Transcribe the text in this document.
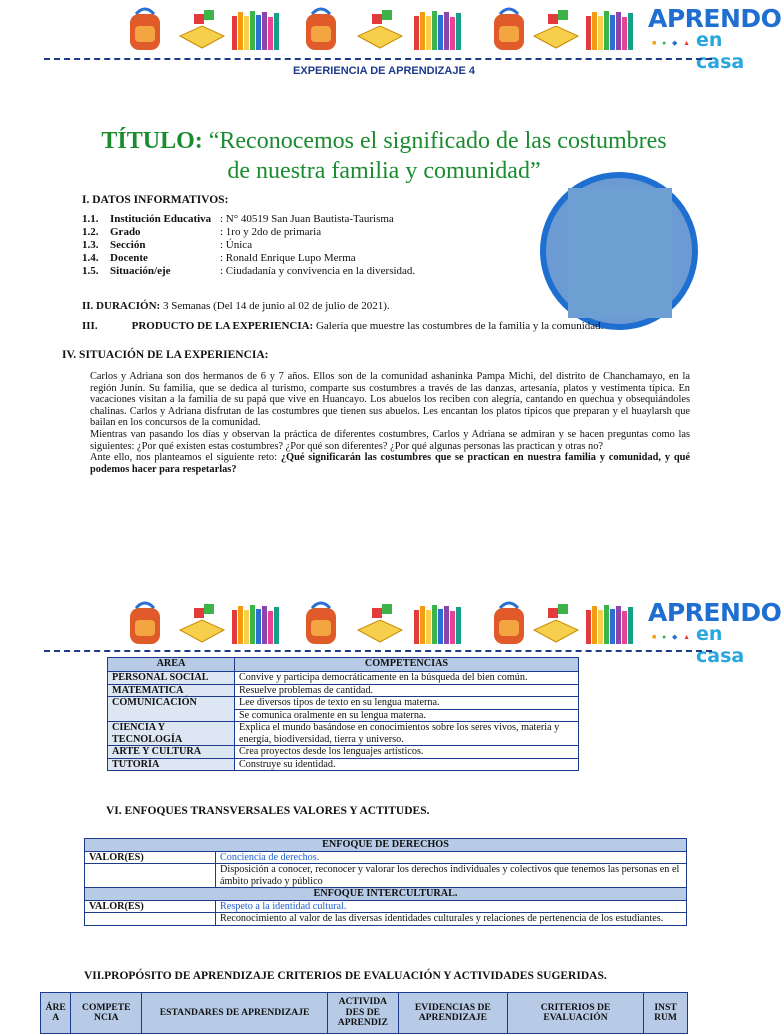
APRENDO
■ ● ◆ ▲ en casa
EXPERIENCIA DE APRENDIZAJE 4
TÍTULO: “Reconocemos el significado de las costumbres de nuestra familia y comunidad”
I. DATOS INFORMATIVOS:
1.1. Institución Educativa : N° 40519 San Juan Bautista-Taurisma
1.2. Grado	: 1ro y 2do de primaria
1.3. Sección	: Única
1.4. Docente	: Ronald Enrique Lupo Merma
1.5. Situación/eje	: Ciudadanía y convivencia en la diversidad.
II. DURACIÓN: 3 Semanas (Del 14 de junio al 02 de julio de 2021).
III.	PRODUCTO DE LA EXPERIENCIA: Galería que muestre las costumbres de la familia y la comunidad.
IV. SITUACIÓN DE LA EXPERIENCIA:

Carlos y Adriana son dos hermanos de 6 y 7 años. Ellos son de la comunidad ashaninka Pampa Michi, del distrito de Chanchamayo, en la región Junín. Su familia, que se dedica al turismo, comparte sus costumbres a través de las danzas, artesanía, platos y vestimenta típica. En vacaciones visitan a la familia de su papá que vive en Huancayo. Los abuelos los reciben con alegría, cantando en quechua y obsequiándoles chalinas. Carlos y Adriana disfrutan de las costumbres que tienen sus abuelos. Les encantan los platos típicos que preparan y el huaylarsh que bailan en los concursos de la comunidad.

Mientras van pasando los días y observan la práctica de diferentes costumbres, Carlos y Adriana se admiran y se hacen preguntas como las siguientes: ¿Por qué existen estas costumbres? ¿Por qué son diferentes? ¿Por qué algunas personas las practican y otras no?

Ante ello, nos planteamos el siguiente reto: ¿Qué significarán las costumbres que se practican en nuestra familia y comunidad, y qué podemos hacer para respetarlas?

APRENDO
■ ● ◆ ▲ en casa
AREA	COMPETENCIAS
PERSONAL SOCIAL	Convive y participa democráticamente en la búsqueda del bien común.
MATEMATICA	Resuelve problemas de cantidad.
COMUNICACIÓN	Lee diversos tipos de texto en su lengua materna.
	Se comunica oralmente en su lengua materna.
CIENCIA Y TECNOLOGÍA	Explica el mundo basándose en conocimientos sobre los seres vivos, materia y energía, biodiversidad, tierra y universo.
ARTE Y CULTURA	Crea proyectos desde los lenguajes artísticos.
TUTORÍA	Construye su identidad.
VI. ENFOQUES TRANSVERSALES VALORES Y ACTITUDES.
ENFOQUE DE DERECHOS	
VALOR(ES)	Conciencia de derechos.
	Disposición a conocer, reconocer y valorar los derechos individuales y colectivos que tenemos las personas en el ámbito privado y público
ENFOQUE INTERCULTURAL.	
VALOR(ES)	Respeto a la identidad cultural.
	Reconocimiento al valor de las diversas identidades culturales y relaciones de pertenencia de los estudiantes.
VII.PROPÓSITO DE APRENDIZAJE CRITERIOS DE EVALUACIÓN Y ACTIVIDADES SUGERIDAS.
ÁRE A	COMPETE NCIA	ESTANDARES DE APRENDIZAJE	ACTIVIDA DES DE APRENDIZ	EVIDENCIAS DE APRENDIZAJE	CRITERIOS DE EVALUACIÓN	INST RUM
